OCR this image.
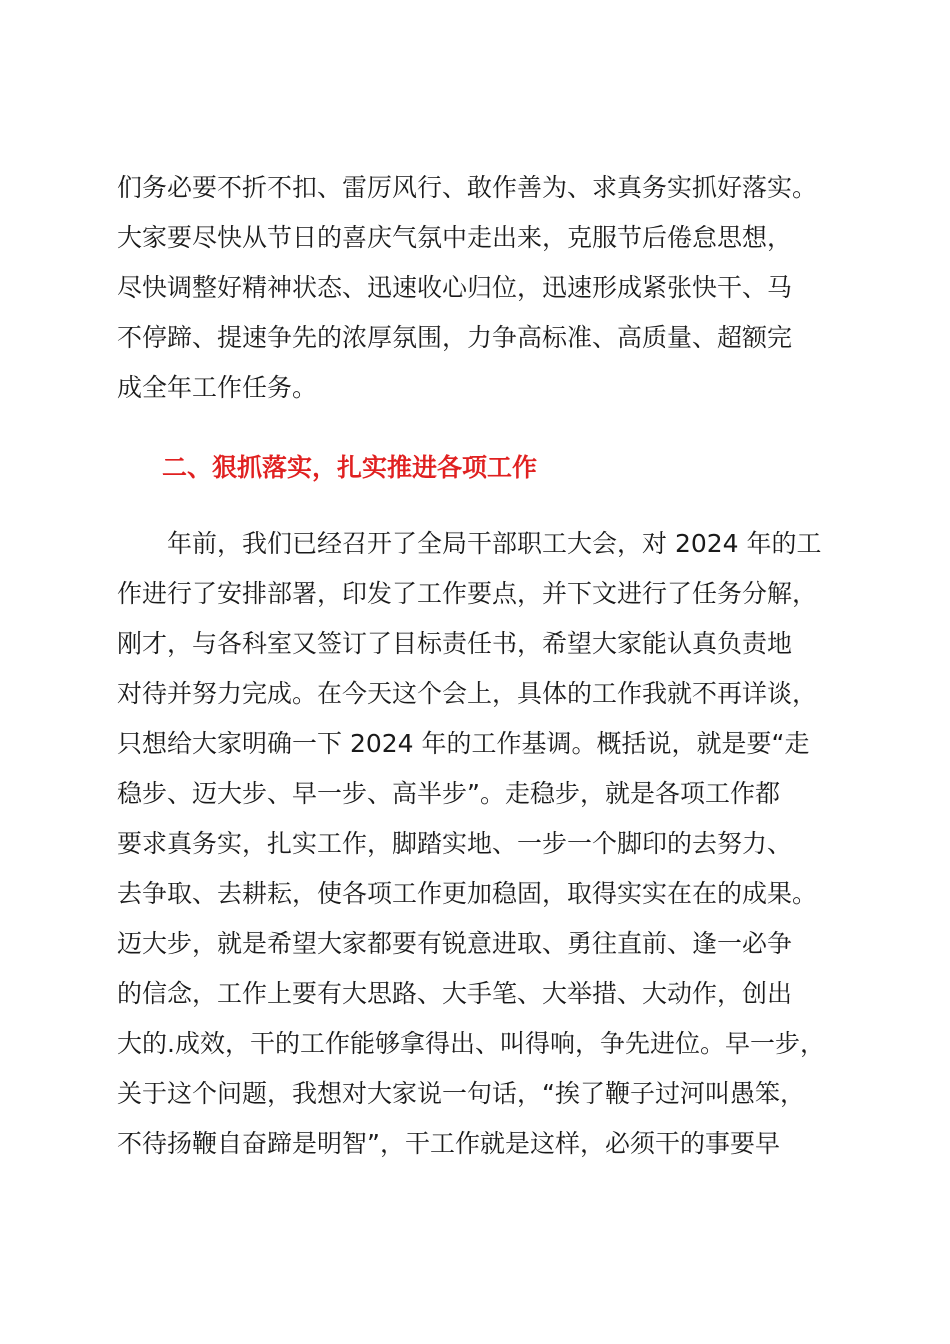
们务必要不折不扣、雷厉风行、敢作善为、求真务实抓好落实。
大家要尽快从节日的喜庆气氛中走出来，克服节后倦怠思想，
尽快调整好精神状态、迅速收心归位，迅速形成紧张快干、马
不停蹄、提速争先的浓厚氛围，力争高标准、高质量、超额完
成全年工作任务。
二、狠抓落实，扎实推进各项工作
　　年前，我们已经召开了全局干部职工大会，对 2024 年的工
作进行了安排部署，印发了工作要点，并下文进行了任务分解，
刚才，与各科室又签订了目标责任书，希望大家能认真负责地
对待并努力完成。在今天这个会上，具体的工作我就不再详谈，
只想给大家明确一下 2024 年的工作基调。概括说，就是要“走
稳步、迈大步、早一步、高半步”。走稳步，就是各项工作都
要求真务实，扎实工作，脚踏实地、一步一个脚印的去努力、
去争取、去耕耘，使各项工作更加稳固，取得实实在在的成果。
迈大步，就是希望大家都要有锐意进取、勇往直前、逢一必争
的信念，工作上要有大思路、大手笔、大举措、大动作，创出
大的.成效，干的工作能够拿得出、叫得响，争先进位。早一步，
关于这个问题，我想对大家说一句话，“挨了鞭子过河叫愚笨，
不待扬鞭自奋蹄是明智”，干工作就是这样，必须干的事要早
